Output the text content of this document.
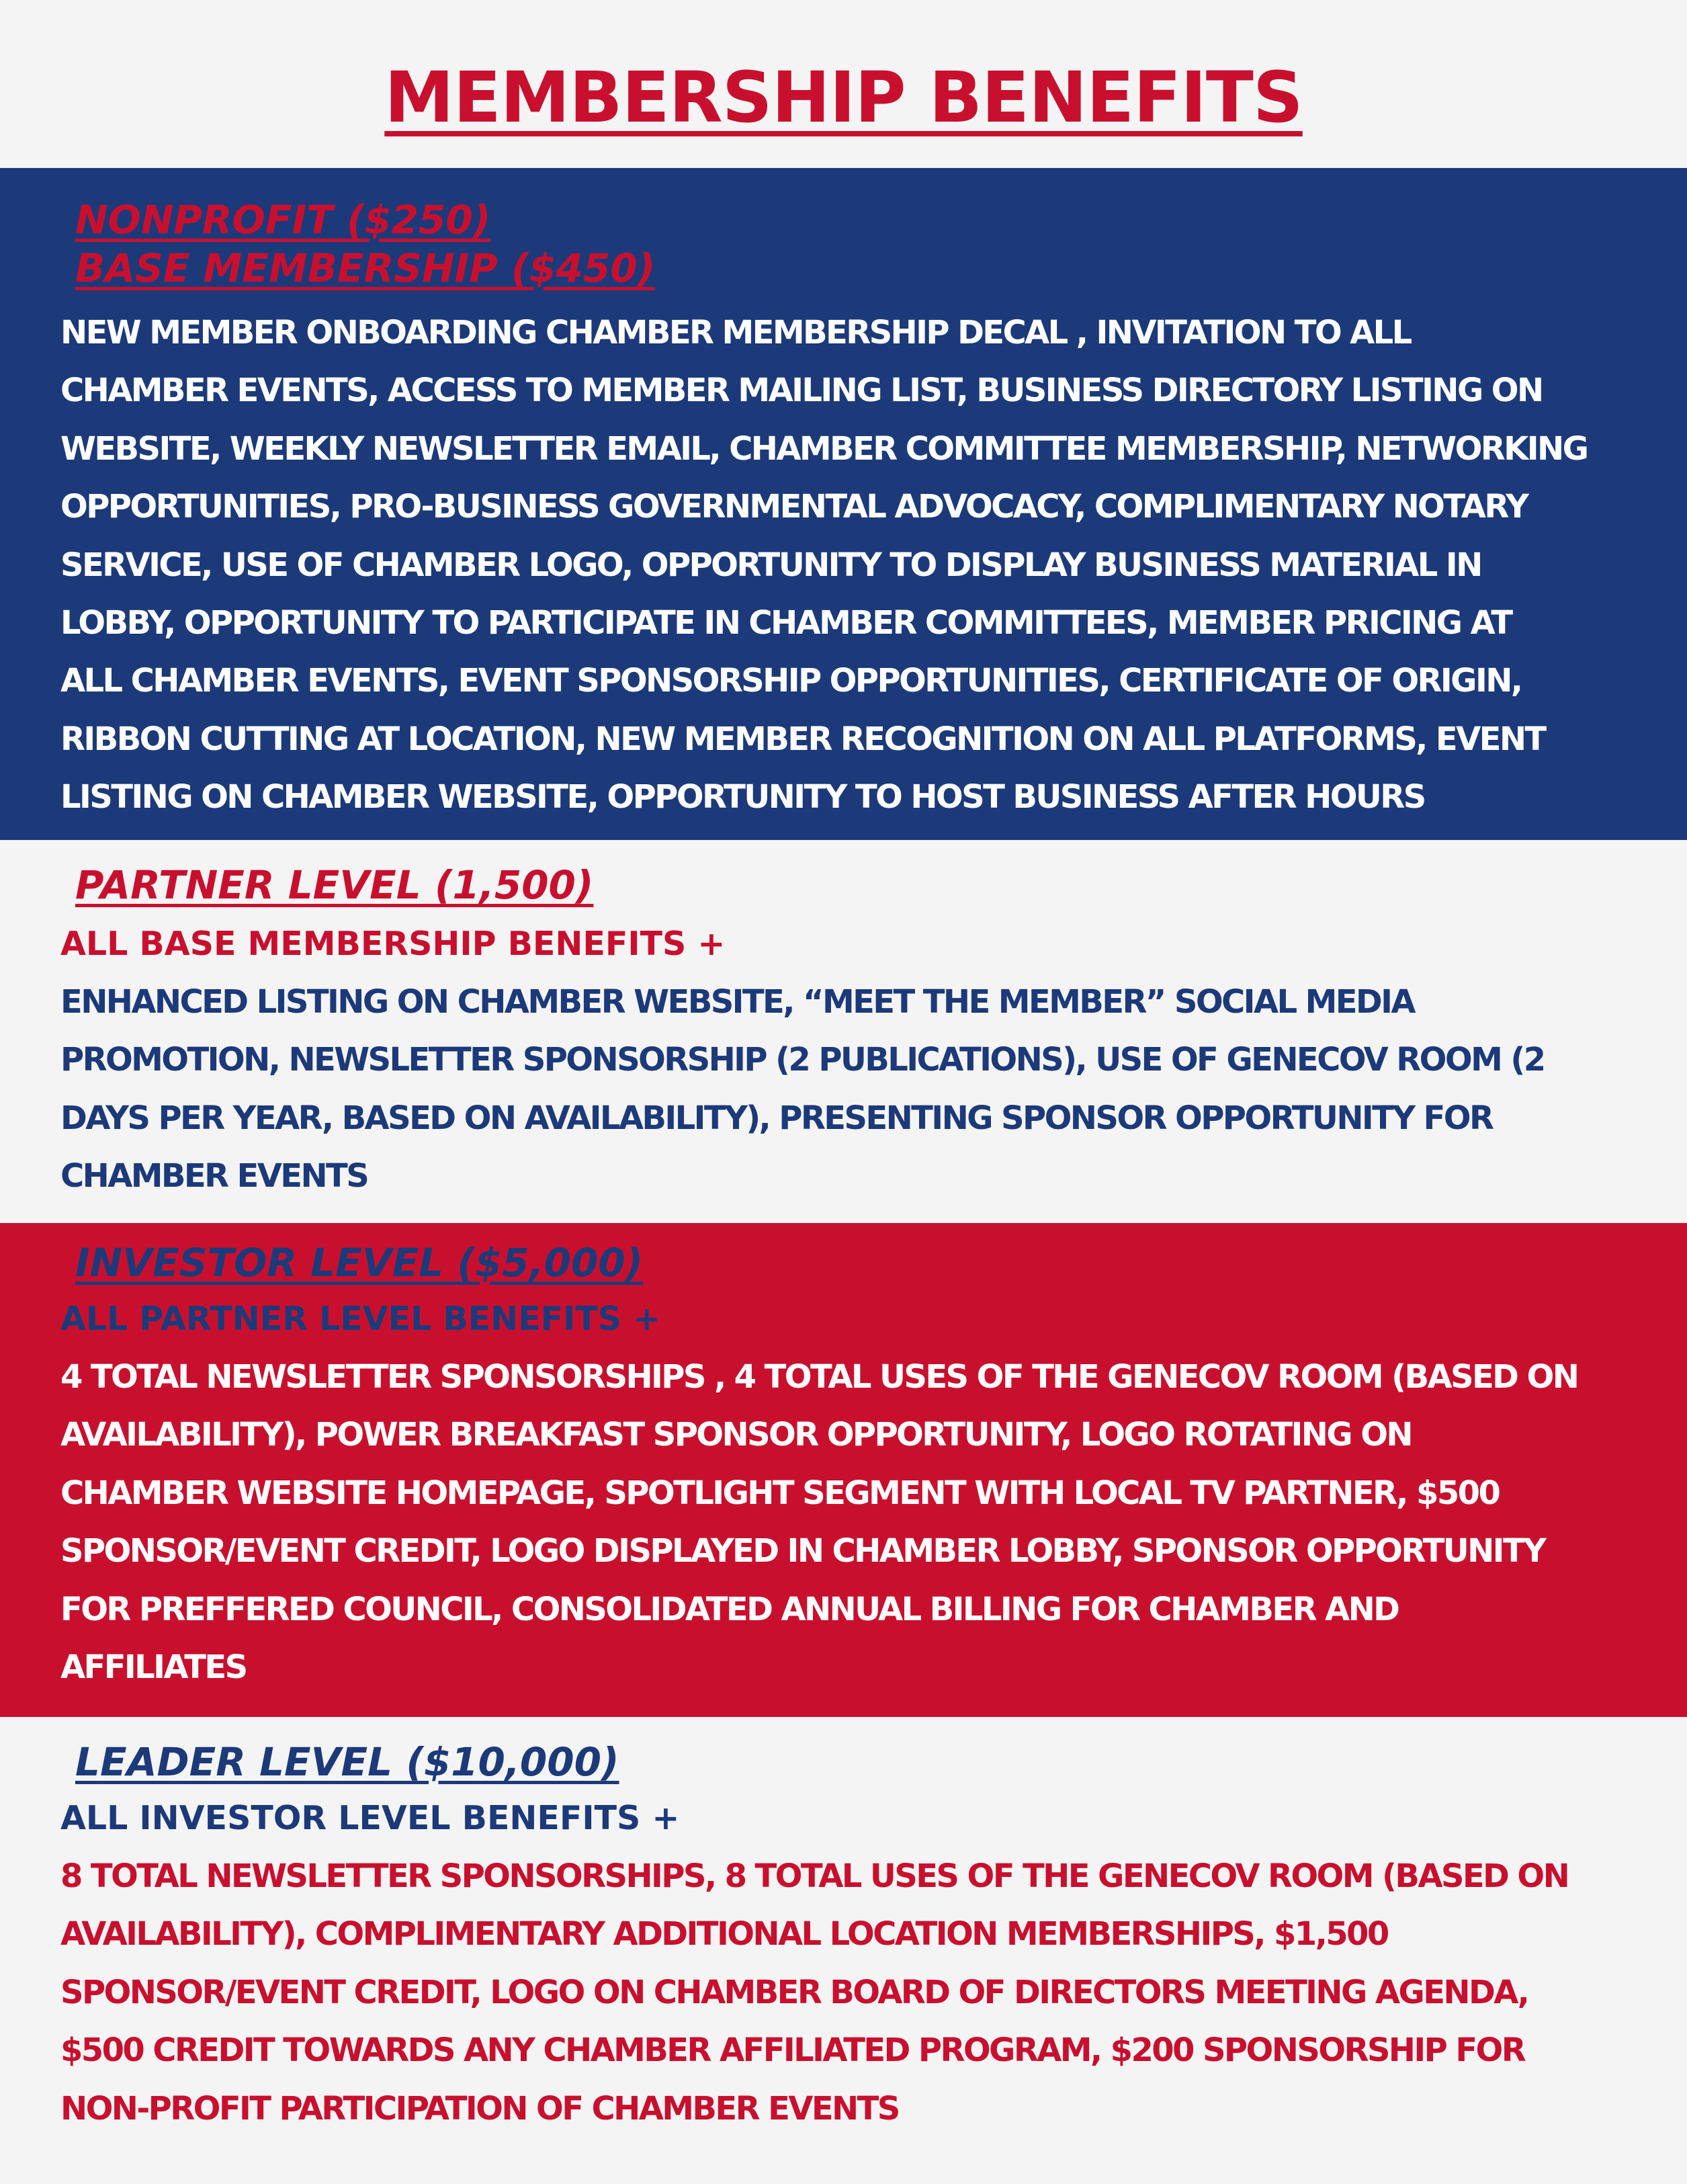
MEMBERSHIP BENEFITS
NONPROFIT ($250)
BASE MEMBERSHIP ($450)
NEW MEMBER ONBOARDING CHAMBER MEMBERSHIP DECAL , INVITATION TO ALL
CHAMBER EVENTS, ACCESS TO MEMBER MAILING LIST, BUSINESS DIRECTORY LISTING ON
WEBSITE, WEEKLY NEWSLETTER EMAIL, CHAMBER COMMITTEE MEMBERSHIP, NETWORKING
OPPORTUNITIES, PRO-BUSINESS GOVERNMENTAL ADVOCACY, COMPLIMENTARY NOTARY
SERVICE, USE OF CHAMBER LOGO, OPPORTUNITY TO DISPLAY BUSINESS MATERIAL IN
LOBBY, OPPORTUNITY TO PARTICIPATE IN CHAMBER COMMITTEES, MEMBER PRICING AT
ALL CHAMBER EVENTS, EVENT SPONSORSHIP OPPORTUNITIES, CERTIFICATE OF ORIGIN,
RIBBON CUTTING AT LOCATION, NEW MEMBER RECOGNITION ON ALL PLATFORMS, EVENT
LISTING ON CHAMBER WEBSITE, OPPORTUNITY TO HOST BUSINESS AFTER HOURS
PARTNER LEVEL (1,500)

ALL BASE MEMBERSHIP BENEFITS +

ENHANCED LISTING ON CHAMBER WEBSITE, “MEET THE MEMBER” SOCIAL MEDIA
PROMOTION, NEWSLETTER SPONSORSHIP (2 PUBLICATIONS), USE OF GENECOV ROOM (2
DAYS PER YEAR, BASED ON AVAILABILITY), PRESENTING SPONSOR OPPORTUNITY FOR
CHAMBER EVENTS
INVESTOR LEVEL ($5,000)

ALL PARTNER LEVEL BENEFITS +

4 TOTAL NEWSLETTER SPONSORSHIPS , 4 TOTAL USES OF THE GENECOV ROOM (BASED ON
AVAILABILITY), POWER BREAKFAST SPONSOR OPPORTUNITY, LOGO ROTATING ON
CHAMBER WEBSITE HOMEPAGE, SPOTLIGHT SEGMENT WITH LOCAL TV PARTNER, $500
SPONSOR/EVENT CREDIT, LOGO DISPLAYED IN CHAMBER LOBBY, SPONSOR OPPORTUNITY
FOR PREFFERED COUNCIL, CONSOLIDATED ANNUAL BILLING FOR CHAMBER AND
AFFILIATES
LEADER LEVEL ($10,000)

ALL INVESTOR LEVEL BENEFITS +

8 TOTAL NEWSLETTER SPONSORSHIPS, 8 TOTAL USES OF THE GENECOV ROOM (BASED ON
AVAILABILITY), COMPLIMENTARY ADDITIONAL LOCATION MEMBERSHIPS, $1,500
SPONSOR/EVENT CREDIT, LOGO ON CHAMBER BOARD OF DIRECTORS MEETING AGENDA,
$500 CREDIT TOWARDS ANY CHAMBER AFFILIATED PROGRAM, $200 SPONSORSHIP FOR
NON-PROFIT PARTICIPATION OF CHAMBER EVENTS
